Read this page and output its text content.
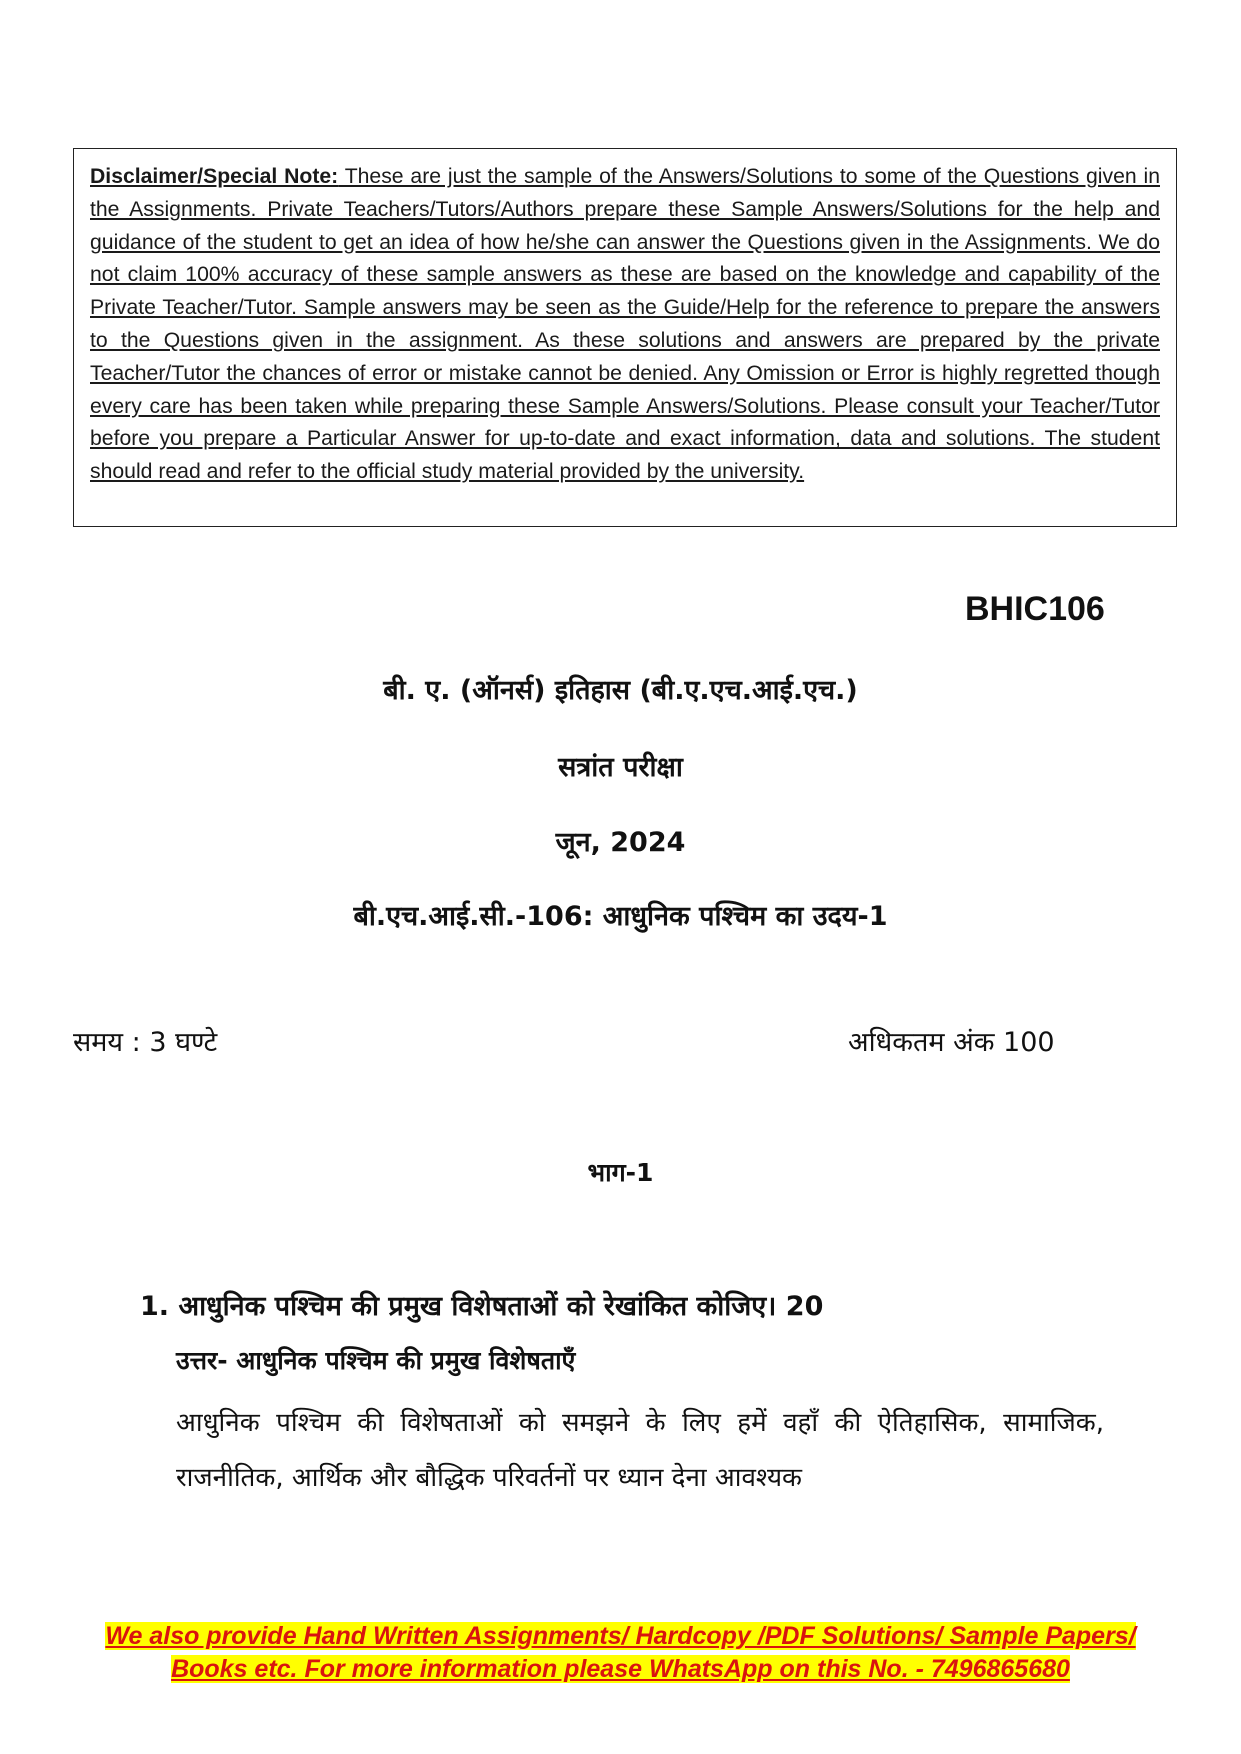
Disclaimer/Special Note: These are just the sample of the Answers/Solutions to some of the Questions given in the Assignments. Private Teachers/Tutors/Authors prepare these Sample Answers/Solutions for the help and guidance of the student to get an idea of how he/she can answer the Questions given in the Assignments. We do not claim 100% accuracy of these sample answers as these are based on the knowledge and capability of the Private Teacher/Tutor. Sample answers may be seen as the Guide/Help for the reference to prepare the answers to the Questions given in the assignment. As these solutions and answers are prepared by the private Teacher/Tutor the chances of error or mistake cannot be denied. Any Omission or Error is highly regretted though every care has been taken while preparing these Sample Answers/Solutions. Please consult your Teacher/Tutor before you prepare a Particular Answer for up-to-date and exact information, data and solutions. The student should read and refer to the official study material provided by the university.

BHIC106
बी. ए. (ऑनर्स) इतिहास (बी.ए.एच.आई.एच.)
सत्रांत परीक्षा
जून, 2024
बी.एच.आई.सी.-106: आधुनिक पश्चिम का उदय-1
समय : 3 घण्टे	अधिकतम अंक 100
भाग-1
1. आधुनिक पश्चिम की प्रमुख विशेषताओं को रेखांकित कोजिए। 20
उत्तर- आधुनिक पश्चिम की प्रमुख विशेषताएँ
आधुनिक पश्चिम की विशेषताओं को समझने के लिए हमें वहाँ की ऐतिहासिक, सामाजिक, राजनीतिक, आर्थिक और बौद्धिक परिवर्तनों पर ध्यान देना आवश्यक
We also provide Hand Written Assignments/ Hardcopy /PDF Solutions/ Sample Papers/
Books etc. For more information please WhatsApp on this No. - 7496865680
